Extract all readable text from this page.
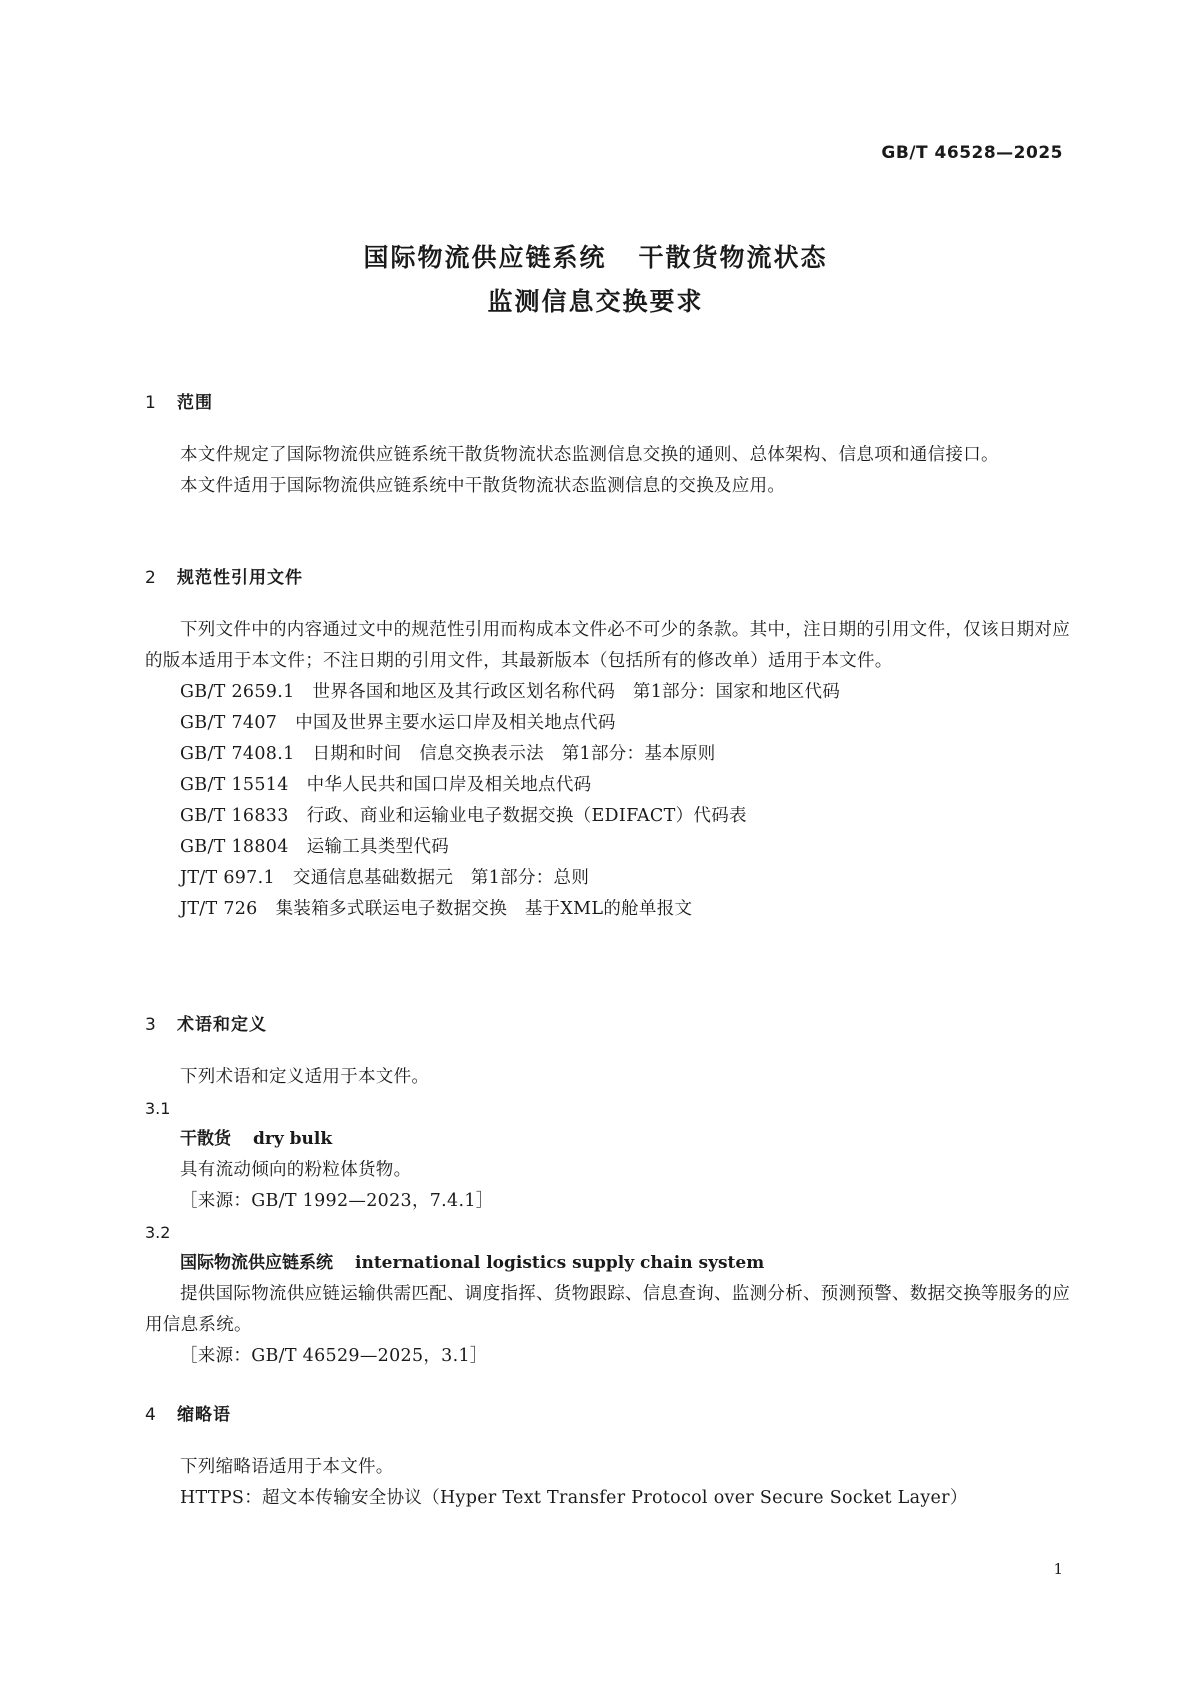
GB/T 46528—2025
国际物流供应链系统 干散货物流状态
监测信息交换要求
1 范围
本文件规定了国际物流供应链系统干散货物流状态监测信息交换的通则、总体架构、信息项和通信接口。
本文件适用于国际物流供应链系统中干散货物流状态监测信息的交换及应用。
2 规范性引用文件
下列文件中的内容通过文中的规范性引用而构成本文件必不可少的条款。其中，注日期的引用文件，仅该日期对应的版本适用于本文件；不注日期的引用文件，其最新版本（包括所有的修改单）适用于本文件。
GB/T 2659.1 世界各国和地区及其行政区划名称代码　第1部分：国家和地区代码
GB/T 7407 中国及世界主要水运口岸及相关地点代码
GB/T 7408.1 日期和时间　信息交换表示法　第1部分：基本原则
GB/T 15514 中华人民共和国口岸及相关地点代码
GB/T 16833 行政、商业和运输业电子数据交换（EDIFACT）代码表
GB/T 18804 运输工具类型代码
JT/T 697.1 交通信息基础数据元　第1部分：总则
JT/T 726 集装箱多式联运电子数据交换　基于XML的舱单报文
3 术语和定义
下列术语和定义适用于本文件。
3.1
干散货 dry bulk
具有流动倾向的粉粒体货物。
［来源：GB/T 1992—2023，7.4.1］
3.2
国际物流供应链系统 international logistics supply chain system
提供国际物流供应链运输供需匹配、调度指挥、货物跟踪、信息查询、监测分析、预测预警、数据交换等服务的应用信息系统。
［来源：GB/T 46529—2025，3.1］
4 缩略语
下列缩略语适用于本文件。
HTTPS：超文本传输安全协议（Hyper Text Transfer Protocol over Secure Socket Layer）
1
